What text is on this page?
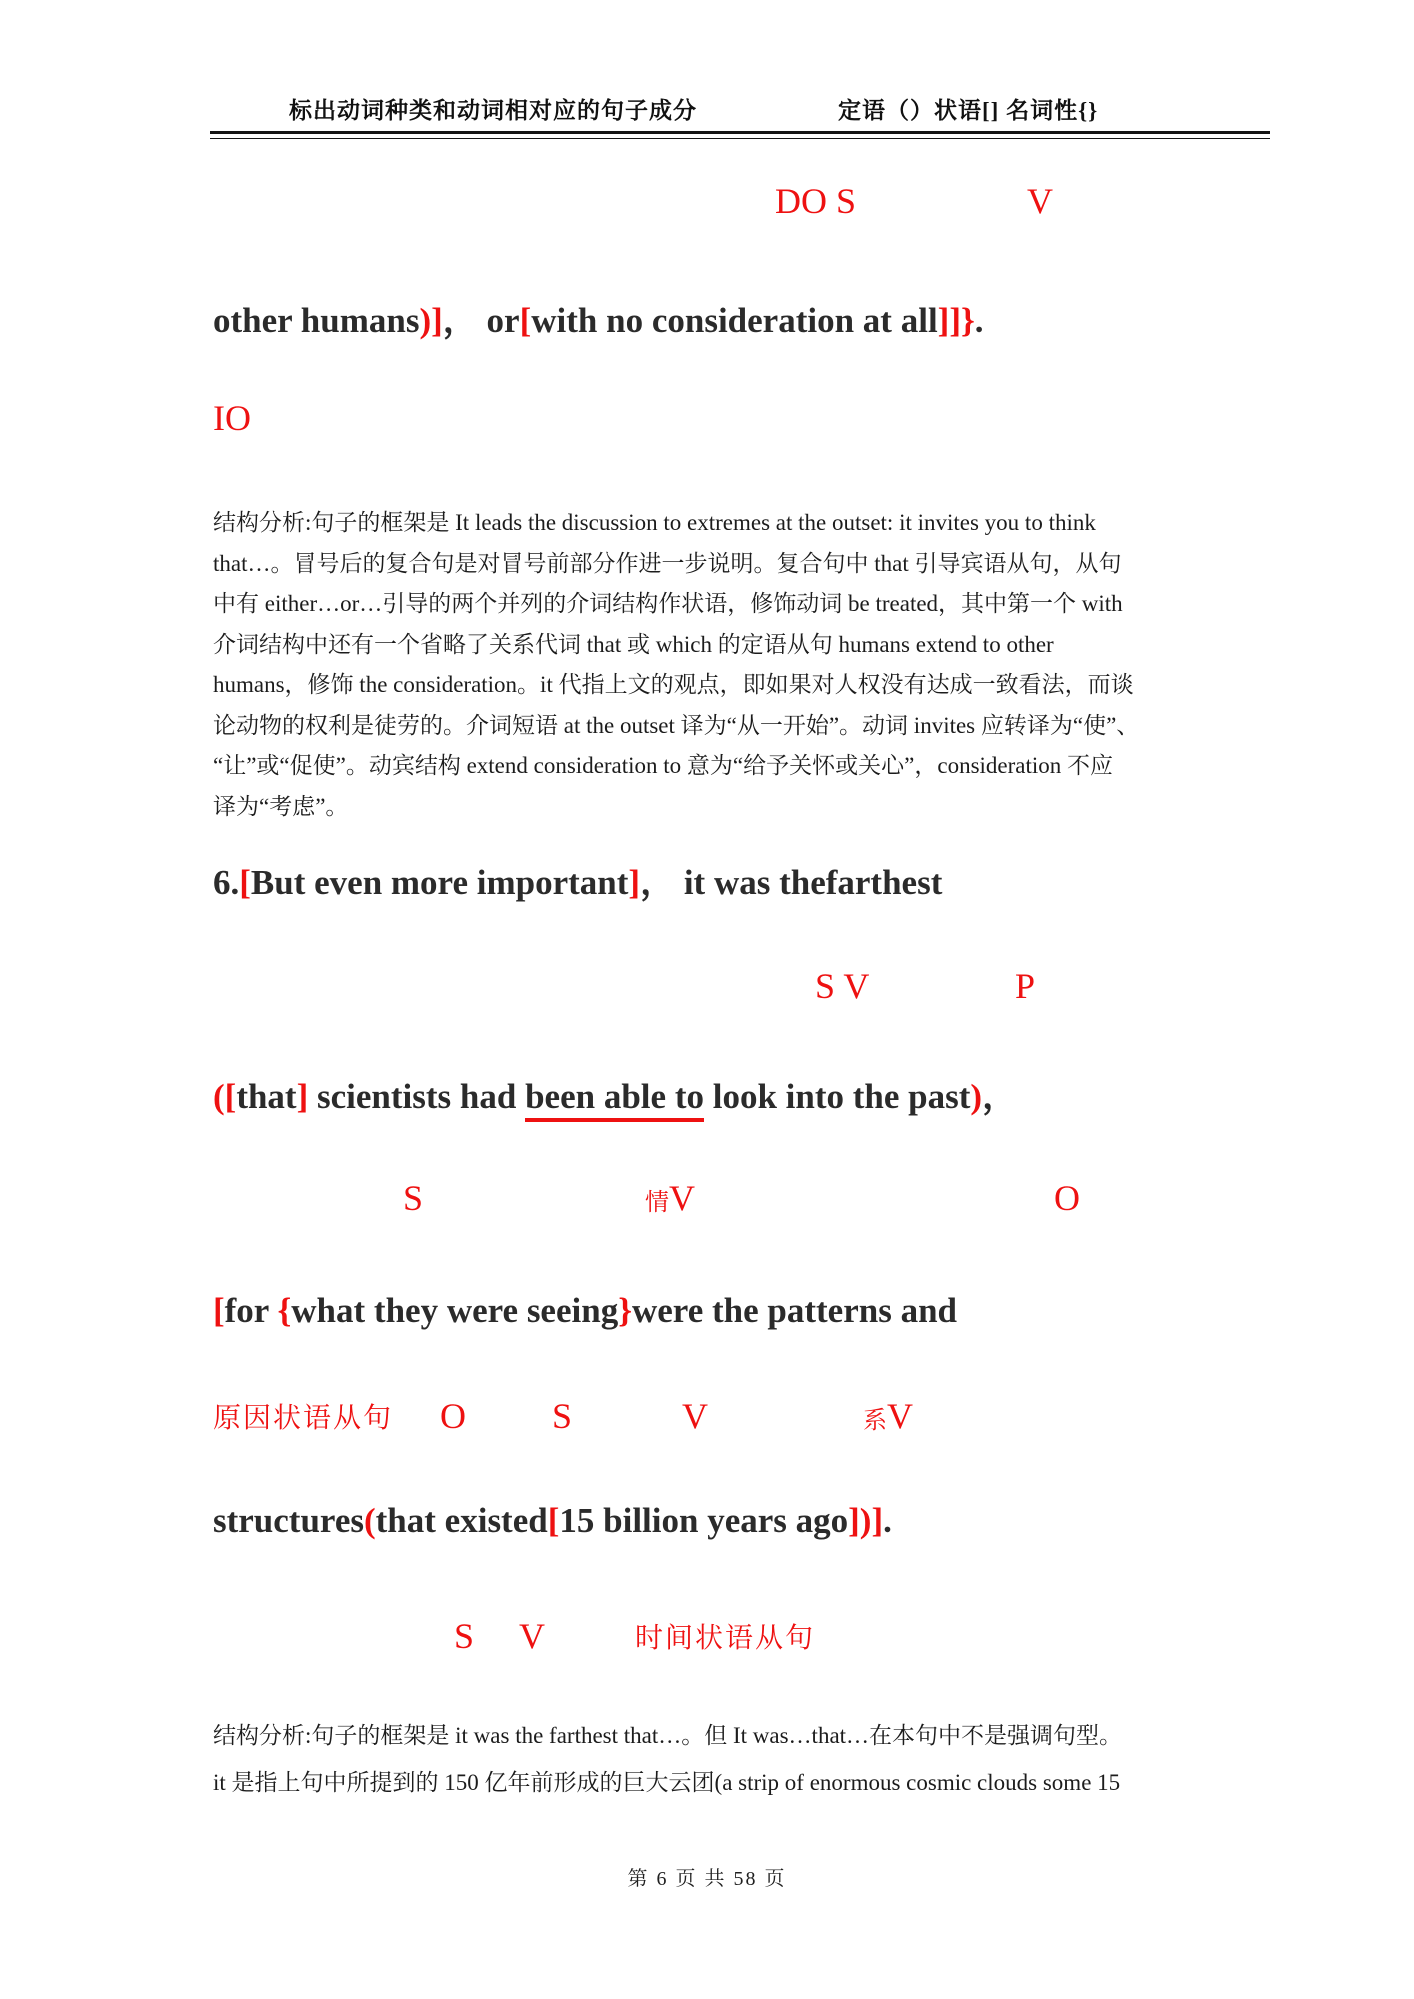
标出动词种类和动词相对应的句子成分	定语（）状语[] 名词性{}
DO S	V
other humans)]， or[with no consideration at all]]}.
IO
结构分析:句子的框架是 It leads the discussion to extremes at the outset: it invites you to think
that…。冒号后的复合句是对冒号前部分作进一步说明。复合句中 that 引导宾语从句，从句
中有 either…or…引导的两个并列的介词结构作状语，修饰动词 be treated，其中第一个 with
介词结构中还有一个省略了关系代词 that 或 which 的定语从句 humans extend to other
humans，修饰 the consideration。it 代指上文的观点，即如果对人权没有达成一致看法，而谈
论动物的权利是徒劳的。介词短语 at the outset 译为“从一开始”。动词 invites 应转译为“使”、
“让”或“促使”。动宾结构 extend consideration to 意为“给予关怀或关心”，consideration 不应
译为“考虑”。
6.[But even more important]， it was thefarthest
S V	P
([that] scientists had been able to look into the past)，
S	情V	O
[for {what they were seeing}were the patterns and
原因状语从句 O S	V	系V
structures(that existed[15 billion years ago])].
S V	时间状语从句
结构分析:句子的框架是 it was the farthest that…。但 It was…that…在本句中不是强调句型。
it 是指上句中所提到的 150 亿年前形成的巨大云团(a strip of enormous cosmic clouds some 15
第 6 页 共 58 页
